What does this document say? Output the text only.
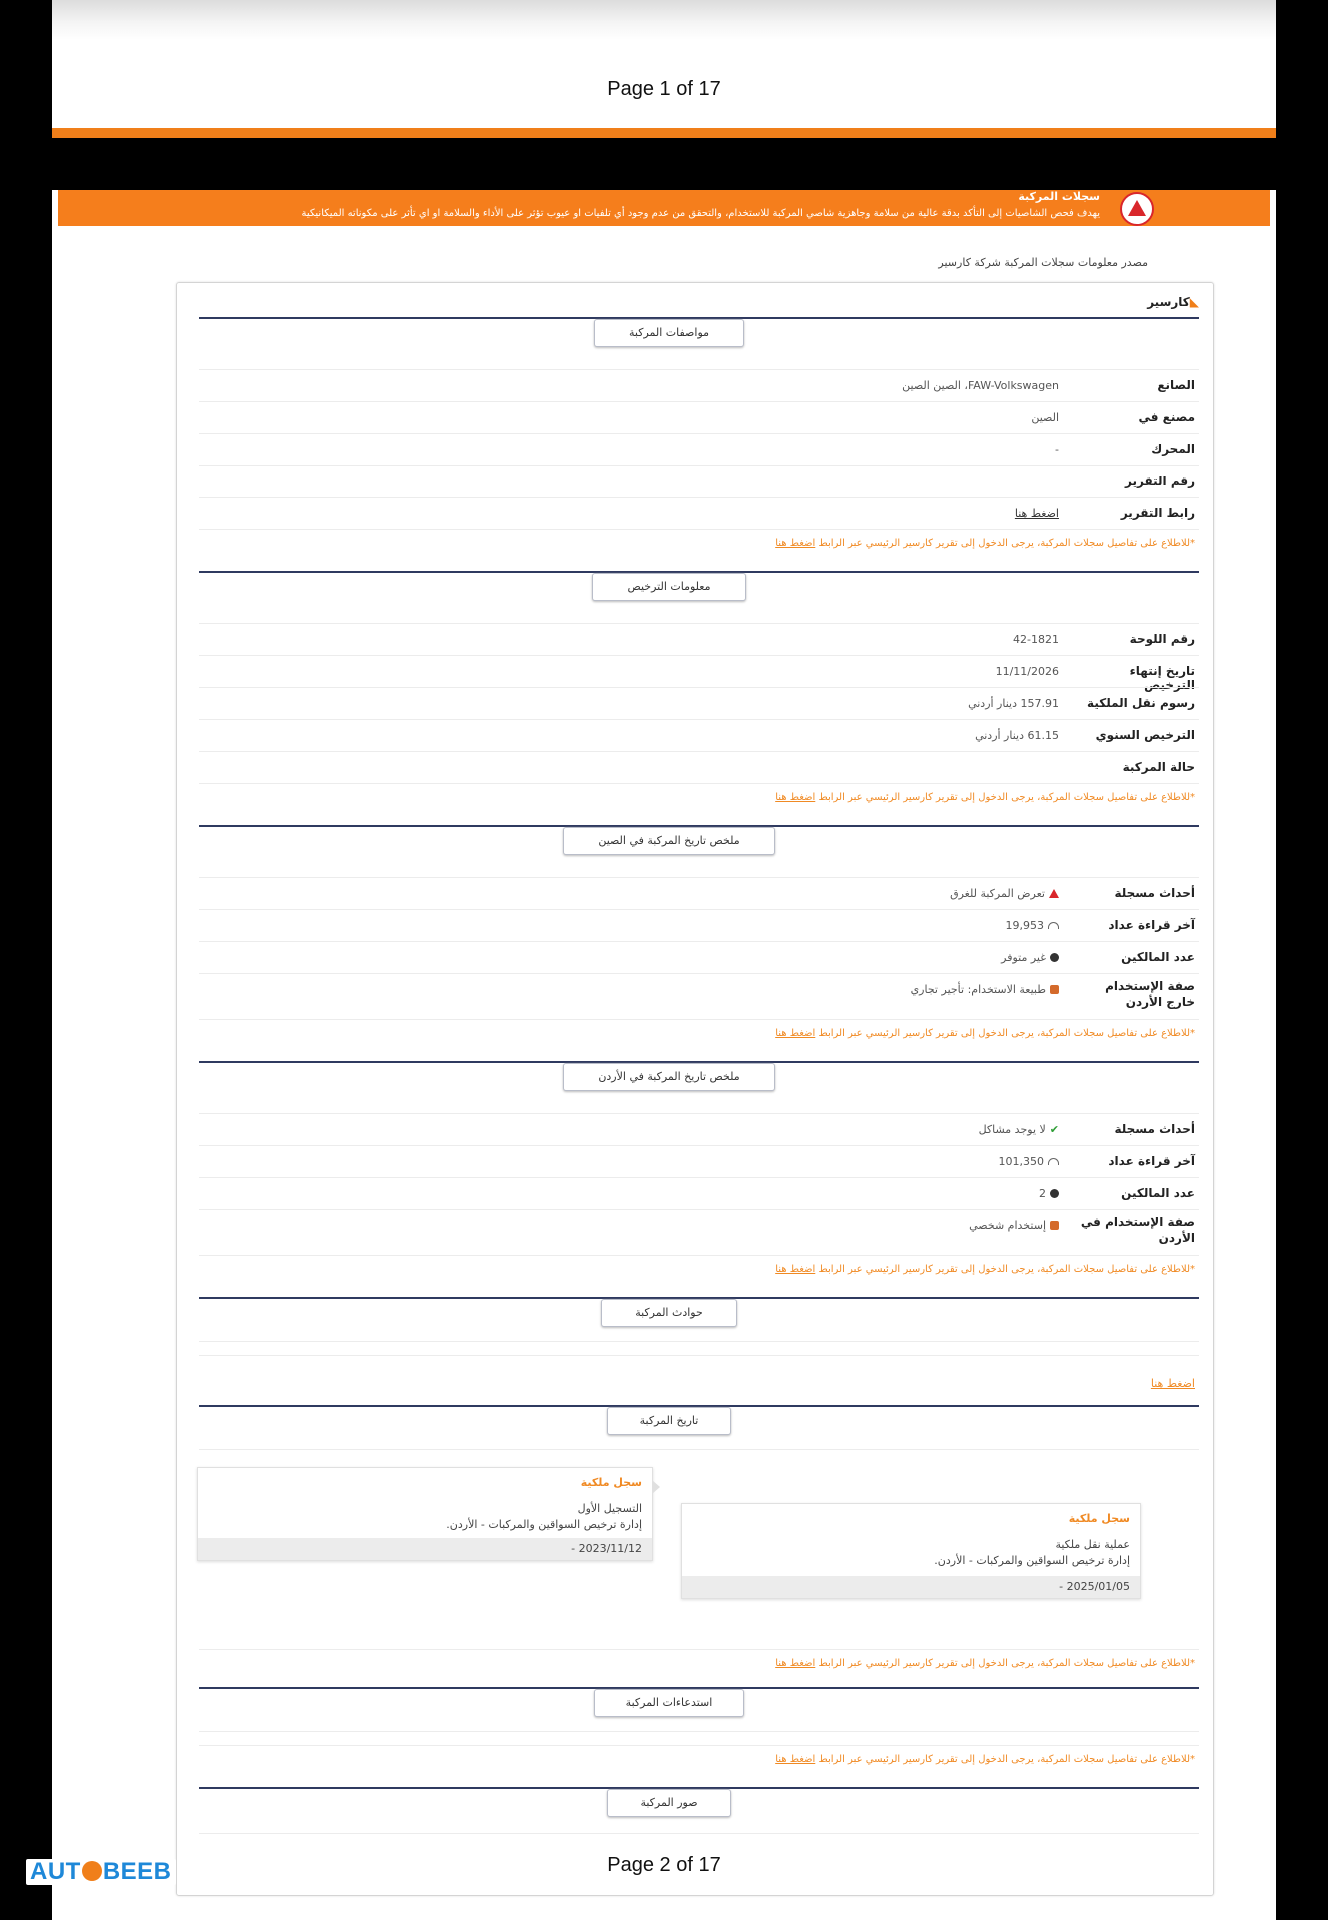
Page 1 of 17
سجلات المركبة
يهدف فحص الشاصيات إلى التأكد بدقة عالية من سلامة وجاهزية شاصي المركبة للاستخدام، والتحقق من عدم وجود أي تلفيات او عيوب تؤثر على الأداء والسلامة او اي تأثر على مكوناته الميكانيكية
مصدر معلومات سجلات المركبة شركة كارسير
◣كارسير
مواصفات المركبة
الصانع
FAW-Volkswagen، الصين الصين
مصنع في
الصين
المحرك
-
رقم التقرير
رابط التقرير
اضغط هنا
*للاطلاع على تفاصيل سجلات المركبة، يرجى الدخول إلى تقرير كارسير الرئيسي عبر الرابط اضغط هنا
معلومات الترخيص
رقم اللوحة
42-1821
تاريخ إنتهاء الترخيص
11/11/2026
رسوم نقل الملكية
157.91 دينار أردني
الترخيص السنوي
61.15 دينار أردني
حالة المركبة
*للاطلاع على تفاصيل سجلات المركبة، يرجى الدخول إلى تقرير كارسير الرئيسي عبر الرابط اضغط هنا
ملخص تاريخ المركبة في الصين
أحداث مسجلة
تعرض المركبة للغرق
آخر قراءة عداد
19,953
عدد المالكين
غير متوفر
صفة الإستخدام خارج الأردن
طبيعة الاستخدام: تأجير تجاري
*للاطلاع على تفاصيل سجلات المركبة، يرجى الدخول إلى تقرير كارسير الرئيسي عبر الرابط اضغط هنا
ملخص تاريخ المركبة في الأردن
أحداث مسجلة
✔لا يوجد مشاكل
آخر قراءة عداد
101,350
عدد المالكين
2
صفة الإستخدام في الأردن
إستخدام شخصي
*للاطلاع على تفاصيل سجلات المركبة، يرجى الدخول إلى تقرير كارسير الرئيسي عبر الرابط اضغط هنا
حوادث المركبة
اضغط هنا
تاريخ المركبة
سجل ملكية
التسجيل الأول
إدارة ترخيص السواقين والمركبات - الأردن.
2023/11/12 -
سجل ملكية
عملية نقل ملكية
إدارة ترخيص السواقين والمركبات - الأردن.
2025/01/05 -
*للاطلاع على تفاصيل سجلات المركبة، يرجى الدخول إلى تقرير كارسير الرئيسي عبر الرابط اضغط هنا
استدعاءات المركبة
*للاطلاع على تفاصيل سجلات المركبة، يرجى الدخول إلى تقرير كارسير الرئيسي عبر الرابط اضغط هنا
صور المركبة
Page 2 of 17
AUT BEEB
